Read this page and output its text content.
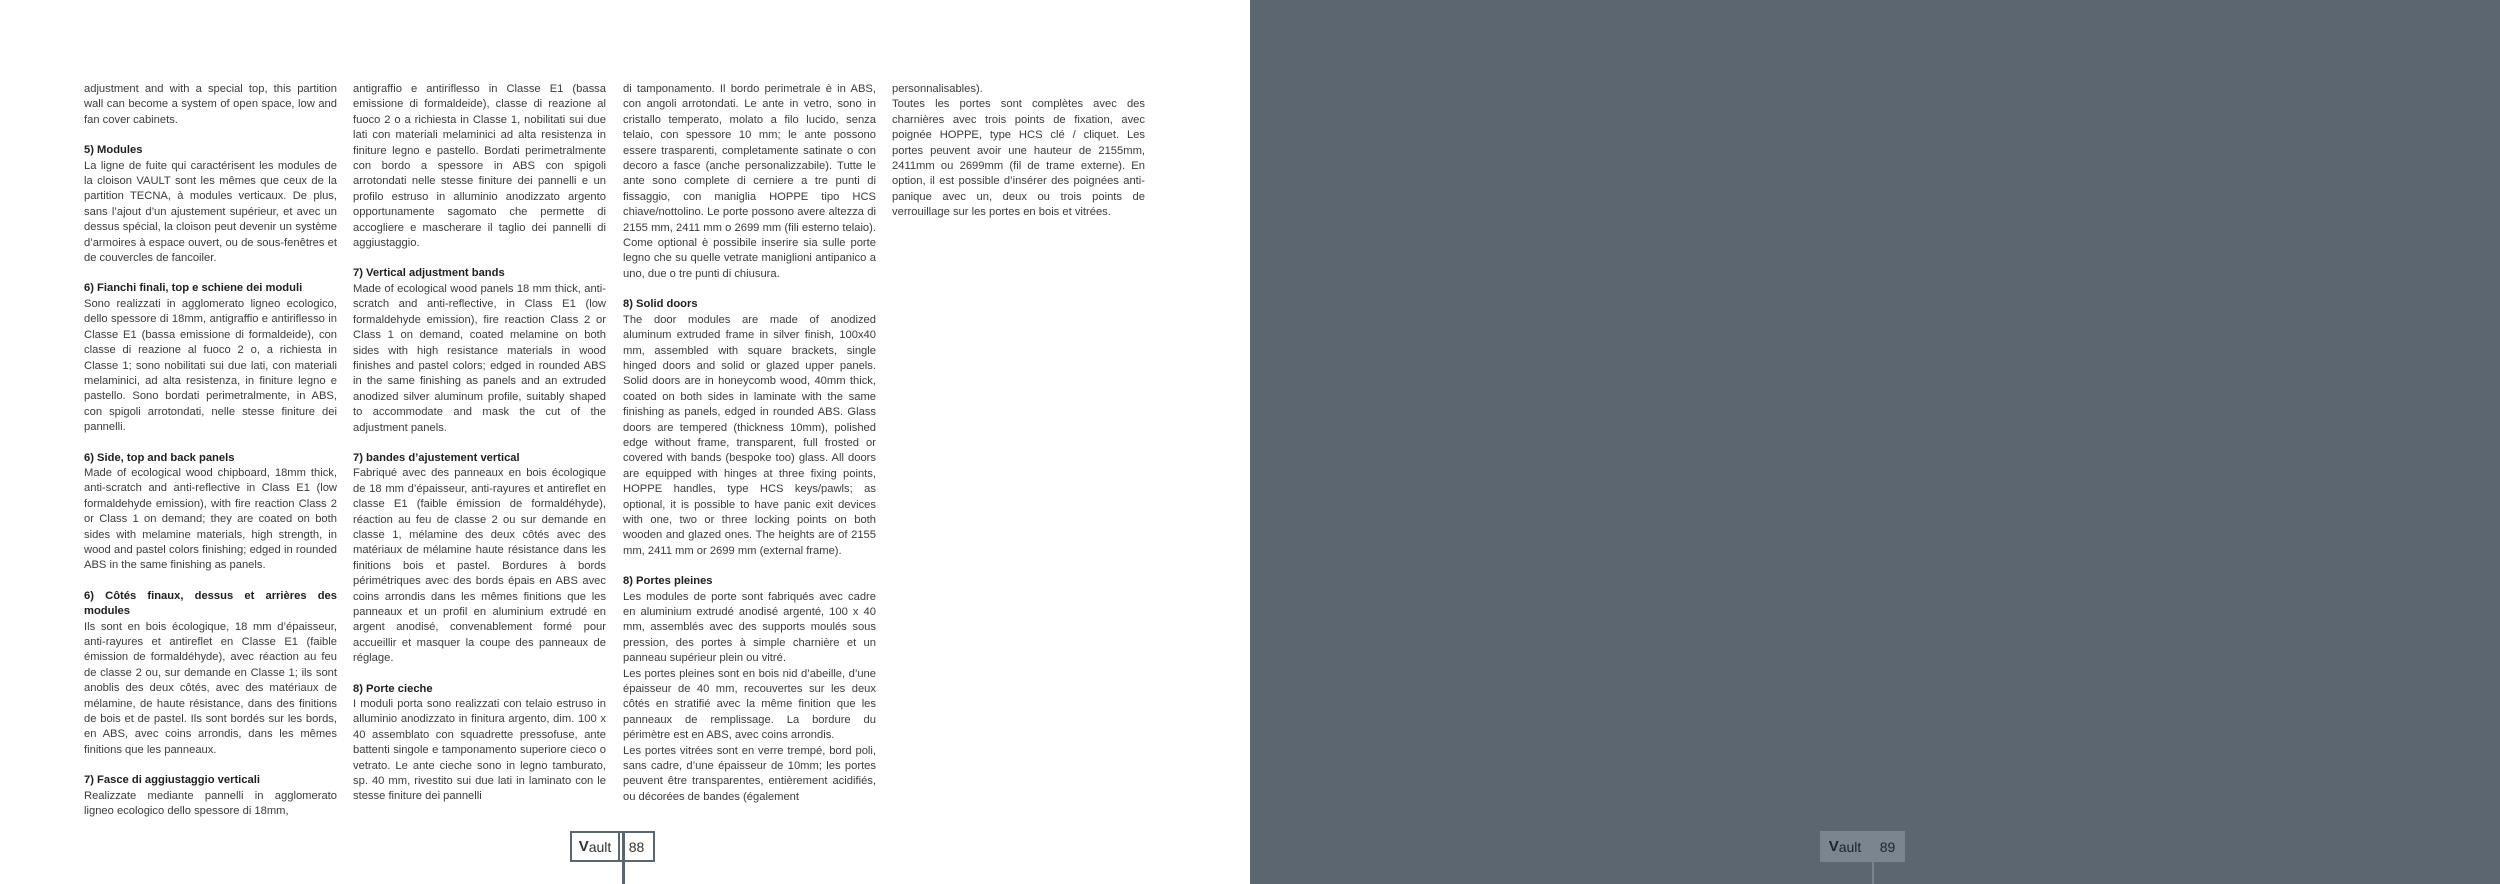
adjustment and with a special top, this partition wall can become a system of open space, low and fan cover cabinets.

5) Modules

La ligne de fuite qui caractérisent les modules de la cloison VAULT sont les mêmes que ceux de la partition TECNA, à modules verticaux. De plus, sans l’ajout d’un ajustement supérieur, et avec un dessus spécial, la cloison peut devenir un système d’armoires à espace ouvert, ou de sous-fenêtres et de couvercles de fancoiler.

6) Fianchi finali, top e schiene dei moduli

Sono realizzati in agglomerato ligneo ecologico, dello spessore di 18mm, antigraffio e antiriflesso in Classe E1 (bassa emissione di formaldeide), con classe di reazione al fuoco 2 o, a richiesta in Classe 1; sono nobilitati sui due lati, con materiali melaminici, ad alta resistenza, in finiture legno e pastello. Sono bordati perimetralmente, in ABS, con spigoli arrotondati, nelle stesse finiture dei pannelli.

6) Side, top and back panels

Made of ecological wood chipboard, 18mm thick, anti-scratch and anti-reflective in Class E1 (low formaldehyde emission), with fire reaction Class 2 or Class 1 on demand; they are coated on both sides with melamine materials, high strength, in wood and pastel colors finishing; edged in rounded ABS in the same finishing as panels.

6) Côtés finaux, dessus et arrières des modules

Ils sont en bois écologique, 18 mm d’épaisseur, anti-rayures et antireflet en Classe E1 (faible émission de formaldéhyde), avec réaction au feu de classe 2 ou, sur demande en Classe 1; ils sont anoblis des deux côtés, avec des matériaux de mélamine, de haute résistance, dans des finitions de bois et de pastel. Ils sont bordés sur les bords, en ABS, avec coins arrondis, dans les mêmes finitions que les panneaux.

7) Fasce di aggiustaggio verticali

Realizzate mediante pannelli in agglomerato ligneo ecologico dello spessore di 18mm,

antigraffio e antiriflesso in Classe E1 (bassa emissione di formaldeide), classe di reazione al fuoco 2 o a richiesta in Classe 1, nobilitati sui due lati con materiali melaminici ad alta resistenza in finiture legno e pastello. Bordati perimetralmente con bordo a spessore in ABS con spigoli arrotondati nelle stesse finiture dei pannelli e un profilo estruso in alluminio anodizzato argento opportunamente sagomato che permette di accogliere e mascherare il taglio dei pannelli di aggiustaggio.

7) Vertical adjustment bands

Made of ecological wood panels 18 mm thick, anti-scratch and anti-reflective, in Class E1 (low formaldehyde emission), fire reaction Class 2 or Class 1 on demand, coated melamine on both sides with high resistance materials in wood finishes and pastel colors; edged in rounded ABS in the same finishing as panels and an extruded anodized silver aluminum profile, suitably shaped to accommodate and mask the cut of the adjustment panels.

7) bandes d’ajustement vertical

Fabriqué avec des panneaux en bois écologique de 18 mm d’épaisseur, anti-rayures et antireflet en classe E1 (faible émission de formaldéhyde), réaction au feu de classe 2 ou sur demande en classe 1, mélamine des deux côtés avec des matériaux de mélamine haute résistance dans les finitions bois et pastel. Bordures à bords périmétriques avec des bords épais en ABS avec coins arrondis dans les mêmes finitions que les panneaux et un profil en aluminium extrudé en argent anodisé, convenablement formé pour accueillir et masquer la coupe des panneaux de réglage.

8) Porte cieche

I moduli porta sono realizzati con telaio estruso in alluminio anodizzato in finitura argento, dim. 100 x 40 assemblato con squadrette pressofuse, ante battenti singole e tamponamento superiore cieco o vetrato. Le ante cieche sono in legno tamburato, sp. 40 mm, rivestito sui due lati in laminato con le stesse finiture dei pannelli

di tamponamento. Il bordo perimetrale è in ABS, con angoli arrotondati. Le ante in vetro, sono in cristallo temperato, molato a filo lucido, senza telaio, con spessore 10 mm; le ante possono essere trasparenti, completamente satinate o con decoro a fasce (anche personalizzabile). Tutte le ante sono complete di cerniere a tre punti di fissaggio, con maniglia HOPPE tipo HCS chiave/nottolino. Le porte possono avere altezza di 2155 mm, 2411 mm o 2699 mm (fili esterno telaio). Come optional è possibile inserire sia sulle porte legno che su quelle vetrate maniglioni antipanico a uno, due o tre punti di chiusura.

8) Solid doors

The door modules are made of anodized aluminum extruded frame in silver finish, 100x40 mm, assembled with square brackets, single hinged doors and solid or glazed upper panels. Solid doors are in honeycomb wood, 40mm thick, coated on both sides in laminate with the same finishing as panels, edged in rounded ABS. Glass doors are tempered (thickness 10mm), polished edge without frame, transparent, full frosted or covered with bands (bespoke too) glass. All doors are equipped with hinges at three fixing points, HOPPE handles, type HCS keys/pawls; as optional, it is possible to have panic exit devices with one, two or three locking points on both wooden and glazed ones. The heights are of 2155 mm, 2411 mm or 2699 mm (external frame).

8) Portes pleines

Les modules de porte sont fabriqués avec cadre en aluminium extrudé anodisé argenté, 100 x 40 mm, assemblés avec des supports moulés sous pression, des portes à simple charnière et un panneau supérieur plein ou vitré.

Les portes pleines sont en bois nid d’abeille, d’une épaisseur de 40 mm, recouvertes sur les deux côtés en stratifié avec la même finition que les panneaux de remplissage. La bordure du périmètre est en ABS, avec coins arrondis.

Les portes vitrées sont en verre trempé, bord poli, sans cadre, d’une épaisseur de 10mm; les portes peuvent être transparentes, entièrement acidifiés, ou décorées de bandes (également

personnalisables).

Toutes les portes sont complètes avec des charnières avec trois points de fixation, avec poignée HOPPE, type HCS clé / cliquet. Les portes peuvent avoir une hauteur de 2155mm, 2411mm ou 2699mm (fil de trame externe). En option, il est possible d’insérer des poignées anti-panique avec un, deux ou trois points de verrouillage sur les portes en bois et vitrées.

V ault	88	V ault	89
